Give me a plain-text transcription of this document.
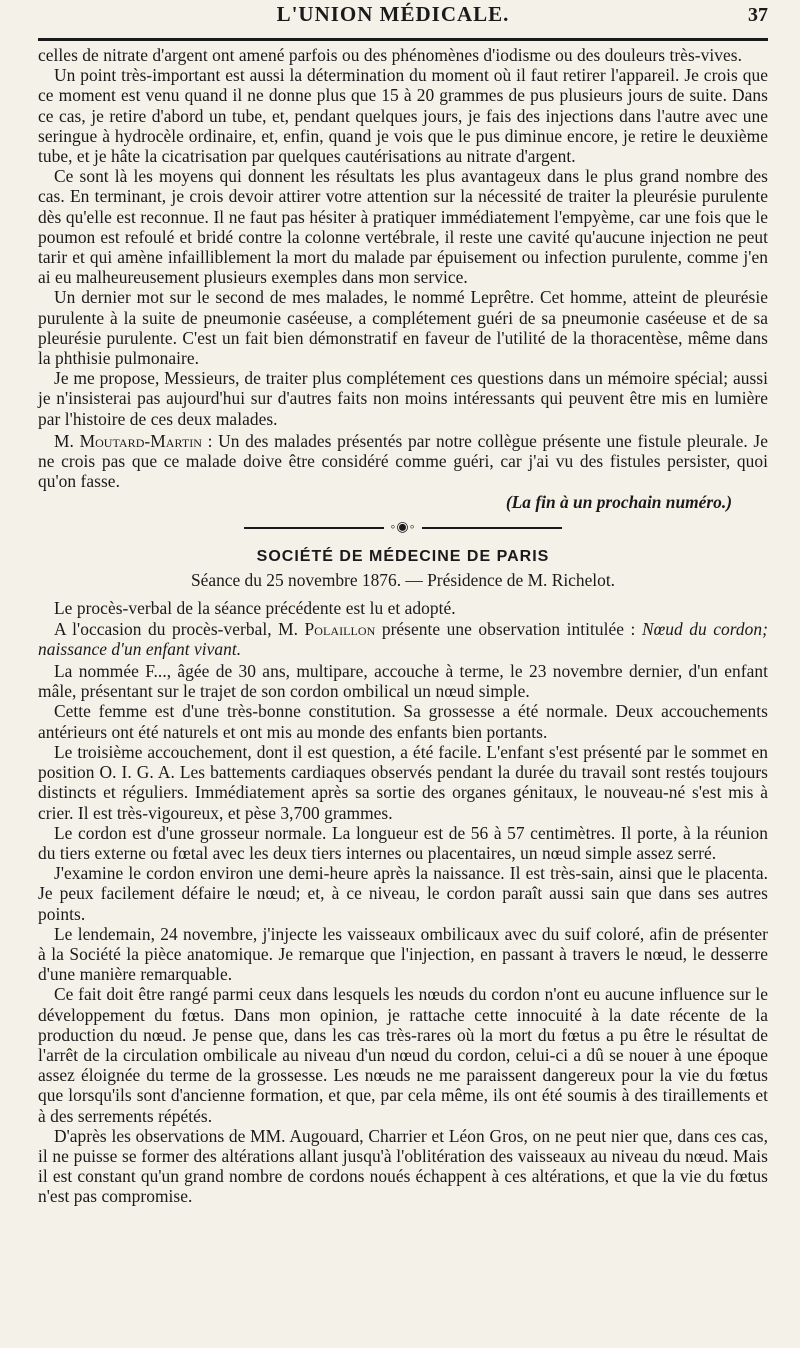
L'UNION MÉDICALE.	37

celles de nitrate d'argent ont amené parfois ou des phénomènes d'iodisme ou des douleurs très-vives.

Un point très-important est aussi la détermination du moment où il faut retirer l'appareil. Je crois que ce moment est venu quand il ne donne plus que 15 à 20 grammes de pus plusieurs jours de suite. Dans ce cas, je retire d'abord un tube, et, pendant quelques jours, je fais des injections dans l'autre avec une seringue à hydrocèle ordinaire, et, enfin, quand je vois que le pus diminue encore, je retire le deuxième tube, et je hâte la cicatrisation par quelques cautérisations au nitrate d'argent.

Ce sont là les moyens qui donnent les résultats les plus avantageux dans le plus grand nombre des cas. En terminant, je crois devoir attirer votre attention sur la nécessité de traiter la pleurésie purulente dès qu'elle est reconnue. Il ne faut pas hésiter à pratiquer immédiatement l'empyème, car une fois que le poumon est refoulé et bridé contre la colonne vertébrale, il reste une cavité qu'aucune injection ne peut tarir et qui amène infailliblement la mort du malade par épuisement ou infection purulente, comme j'en ai eu malheureusement plusieurs exemples dans mon service.

Un dernier mot sur le second de mes malades, le nommé Leprêtre. Cet homme, atteint de pleurésie purulente à la suite de pneumonie caséeuse, a complétement guéri de sa pneumonie caséeuse et de sa pleurésie purulente. C'est un fait bien démonstratif en faveur de l'utilité de la thoracentèse, même dans la phthisie pulmonaire.

Je me propose, Messieurs, de traiter plus complétement ces questions dans un mémoire spécial; aussi je n'insisterai pas aujourd'hui sur d'autres faits non moins intéressants qui peuvent être mis en lumière par l'histoire de ces deux malades.

M. Moutard-Martin : Un des malades présentés par notre collègue présente une fistule pleurale. Je ne crois pas que ce malade doive être considéré comme guéri, car j'ai vu des fistules persister, quoi qu'on fasse.

(La fin à un prochain numéro.)
◦◉◦
SOCIÉTÉ DE MÉDECINE DE PARIS
Séance du 25 novembre 1876. — Présidence de M. Richelot.

Le procès-verbal de la séance précédente est lu et adopté.

A l'occasion du procès-verbal, M. Polaillon présente une observation intitulée : Nœud du cordon; naissance d'un enfant vivant.

La nommée F..., âgée de 30 ans, multipare, accouche à terme, le 23 novembre dernier, d'un enfant mâle, présentant sur le trajet de son cordon ombilical un nœud simple.

Cette femme est d'une très-bonne constitution. Sa grossesse a été normale. Deux accouchements antérieurs ont été naturels et ont mis au monde des enfants bien portants.

Le troisième accouchement, dont il est question, a été facile. L'enfant s'est présenté par le sommet en position O. I. G. A. Les battements cardiaques observés pendant la durée du travail sont restés toujours distincts et réguliers. Immédiatement après sa sortie des organes génitaux, le nouveau-né s'est mis à crier. Il est très-vigoureux, et pèse 3,700 grammes.

Le cordon est d'une grosseur normale. La longueur est de 56 à 57 centimètres. Il porte, à la réunion du tiers externe ou fœtal avec les deux tiers internes ou placentaires, un nœud simple assez serré.

J'examine le cordon environ une demi-heure après la naissance. Il est très-sain, ainsi que le placenta. Je peux facilement défaire le nœud; et, à ce niveau, le cordon paraît aussi sain que dans ses autres points.

Le lendemain, 24 novembre, j'injecte les vaisseaux ombilicaux avec du suif coloré, afin de présenter à la Société la pièce anatomique. Je remarque que l'injection, en passant à travers le nœud, le desserre d'une manière remarquable.

Ce fait doit être rangé parmi ceux dans lesquels les nœuds du cordon n'ont eu aucune influence sur le développement du fœtus. Dans mon opinion, je rattache cette innocuité à la date récente de la production du nœud. Je pense que, dans les cas très-rares où la mort du fœtus a pu être le résultat de l'arrêt de la circulation ombilicale au niveau d'un nœud du cordon, celui-ci a dû se nouer à une époque assez éloignée du terme de la grossesse. Les nœuds ne me paraissent dangereux pour la vie du fœtus que lorsqu'ils sont d'ancienne formation, et que, par cela même, ils ont été soumis à des tiraillements et à des serrements répétés.

D'après les observations de MM. Augouard, Charrier et Léon Gros, on ne peut nier que, dans ces cas, il ne puisse se former des altérations allant jusqu'à l'oblitération des vaisseaux au niveau du nœud. Mais il est constant qu'un grand nombre de cordons noués échappent à ces altérations, et que la vie du fœtus n'est pas compromise.
